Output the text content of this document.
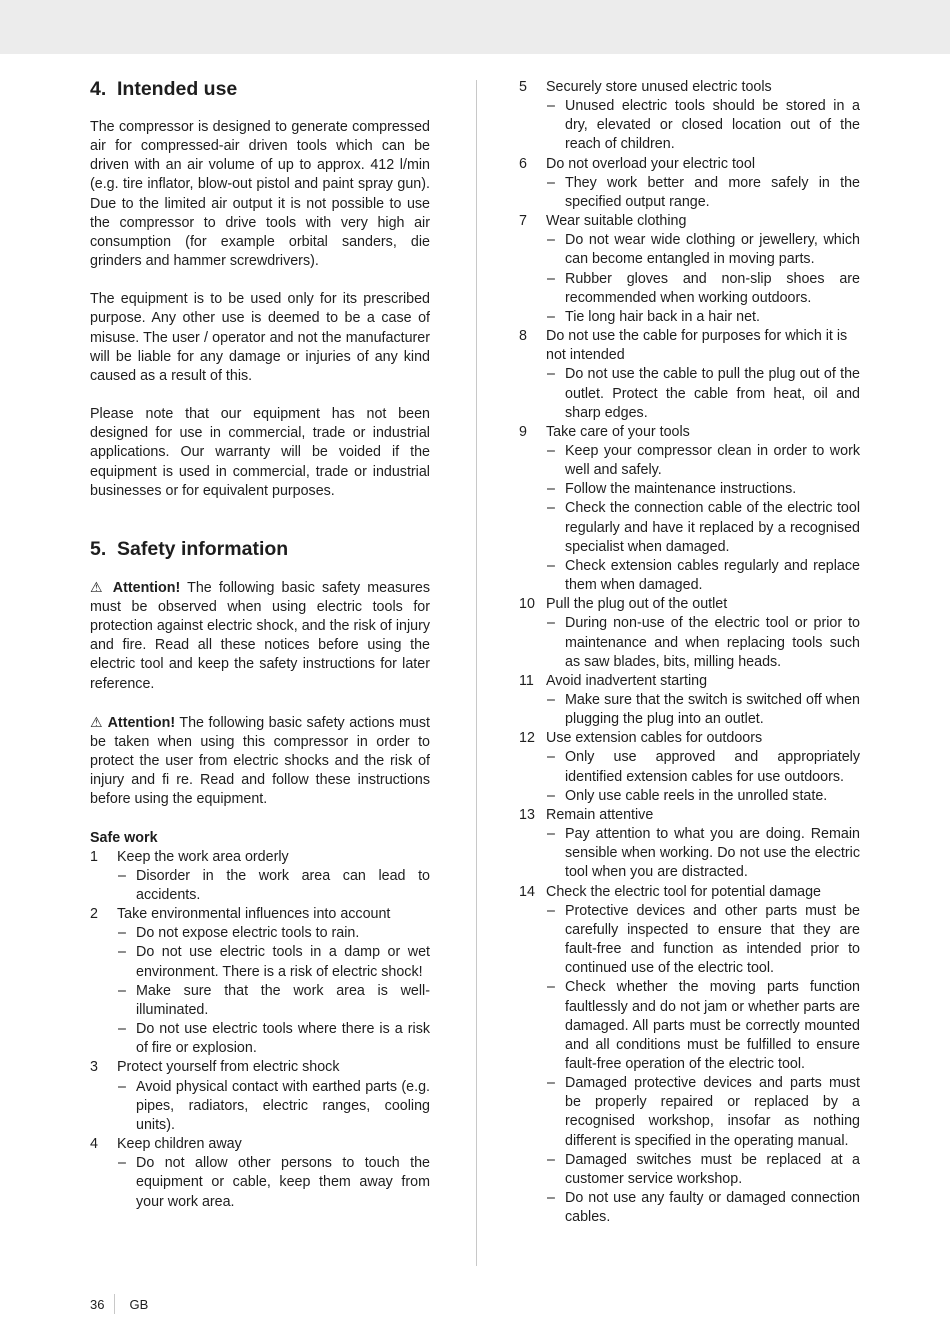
4. Intended use

The compressor is designed to generate compressed air for compressed-air driven tools which can be driven with an air volume of up to approx. 412 l/min (e.g. tire inflator, blow-out pistol and paint spray gun). Due to the limited air output it is not possible to use the compressor to drive tools with very high air consumption (for example orbital sanders, die grinders and hammer screwdrivers).

The equipment is to be used only for its prescribed purpose. Any other use is deemed to be a case of misuse. The user / operator and not the manufacturer will be liable for any damage or injuries of any kind caused as a result of this.

Please note that our equipment has not been designed for use in commercial, trade or industrial applications. Our warranty will be voided if the equipment is used in commercial, trade or industrial businesses or for equivalent purposes.

5. Safety information

⚠ Attention! The following basic safety measures must be observed when using electric tools for protection against electric shock, and the risk of injury and fire. Read all these notices before using the electric tool and keep the safety instructions for later reference.

⚠ Attention! The following basic safety actions must be taken when using this compressor in order to protect the user from electric shocks and the risk of injury and fi re. Read and follow these instructions before using the equipment.

Safe work
1	Keep the work area orderly
– Disorder in the work area can lead to accidents.
2	Take environmental influences into account
– Do not expose electric tools to rain.
– Do not use electric tools in a damp or wet environment. There is a risk of electric shock!
– Make sure that the work area is well-illuminated.
– Do not use electric tools where there is a risk of fire or explosion.
3	Protect yourself from electric shock
– Avoid physical contact with earthed parts (e.g. pipes, radiators, electric ranges, cooling units).
4	Keep children away
– Do not allow other persons to touch the equipment or cable, keep them away from your work area.
5	Securely store unused electric tools
– Unused electric tools should be stored in a dry, elevated or closed location out of the reach of children.
6	Do not overload your electric tool
– They work better and more safely in the specified output range.
7	Wear suitable clothing
– Do not wear wide clothing or jewellery, which can become entangled in moving parts.
– Rubber gloves and non-slip shoes are recommended when working outdoors.
– Tie long hair back in a hair net.
8	Do not use the cable for purposes for which it is not intended
– Do not use the cable to pull the plug out of the outlet. Protect the cable from heat, oil and sharp edges.
9	Take care of your tools
– Keep your compressor clean in order to work well and safely.
– Follow the maintenance instructions.
– Check the connection cable of the electric tool regularly and have it replaced by a recognised specialist when damaged.
– Check extension cables regularly and replace them when damaged.
10 Pull the plug out of the outlet
– During non-use of the electric tool or prior to maintenance and when replacing tools such as saw blades, bits, milling heads.
11 Avoid inadvertent starting
– Make sure that the switch is switched off when plugging the plug into an outlet.
12 Use extension cables for outdoors
– Only use approved and appropriately identified extension cables for use outdoors.
– Only use cable reels in the unrolled state.
13 Remain attentive
– Pay attention to what you are doing. Remain sensible when working. Do not use the electric tool when you are distracted.
14 Check the electric tool for potential damage
– Protective devices and other parts must be carefully inspected to ensure that they are fault-free and function as intended prior to continued use of the electric tool.
– Check whether the moving parts function faultlessly and do not jam or whether parts are damaged. All parts must be correctly mounted and all conditions must be fulfilled to ensure fault-free operation of the electric tool.
– Damaged protective devices and parts must be properly repaired or replaced by a recognised workshop, insofar as nothing different is specified in the operating manual.
– Damaged switches must be replaced at a customer service workshop.
– Do not use any faulty or damaged connection cables.
36	GB
